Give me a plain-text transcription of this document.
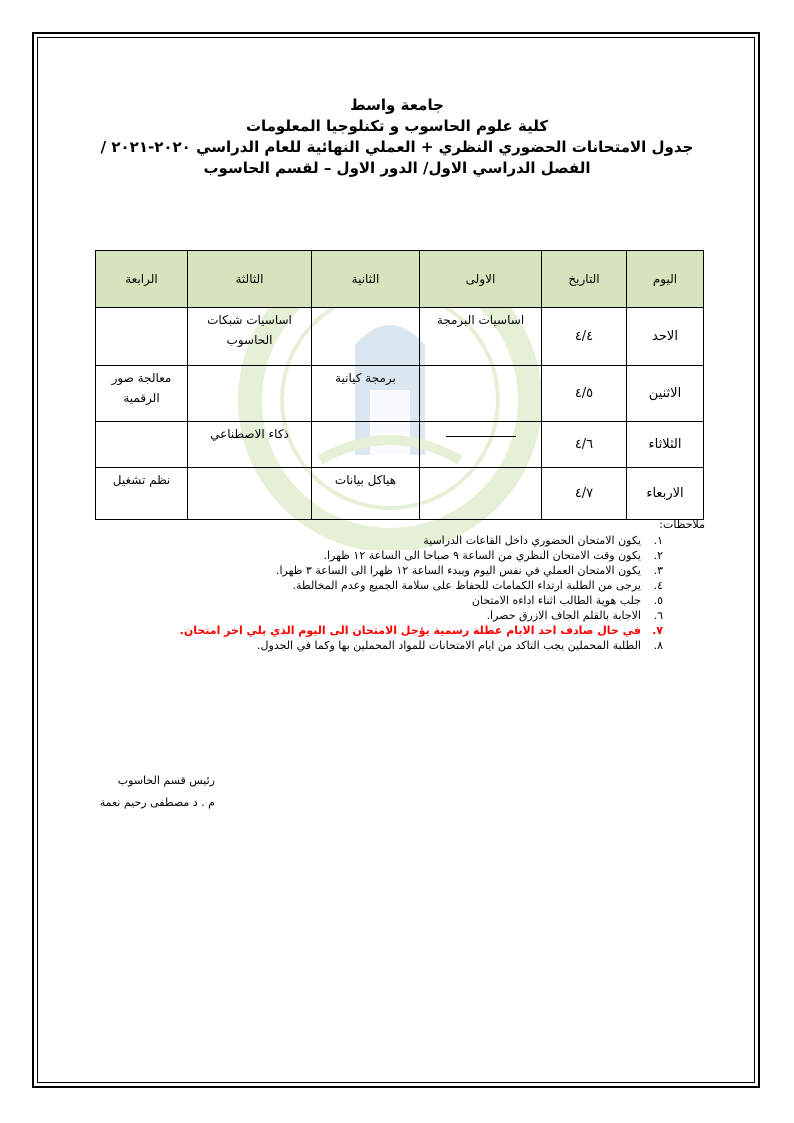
جامعة واسط
كلية علوم الحاسوب و تكنلوجيا المعلومات
جدول الامتحانات الحضوري النظري + العملي النهائية للعام الدراسي ٢٠٢٠-٢٠٢١ /
الفصل الدراسي الاول/ الدور الاول – لقسم الحاسوب
اليوم	التاريخ	الاولى	الثانية	الثالثة	الرابعة
الاحد	٤/٤	اساسيات البرمجة		اساسيات شبكات الحاسوب	
الاثنين	٤/٥		برمجة كيانية		معالجة صور الرقمية
الثلاثاء	٤/٦			ذكاء الاصطناعي	
الاربعاء	٤/٧		هياكل بيانات		نظم تشغيل
ملاحظات:
١.يكون الامتحان الحضوري داخل القاعات الدراسية
٢.يكون وقت الامتحان النظري من الساعة ٩ صباحا الى الساعة ١٢ ظهرا.
٣.يكون الامتحان العملي في نفس اليوم ويبدء الساعة ١٢ ظهرا الى الساعة ٣ ظهرا.
٤.يرجى من الطلبة ارتداء الكمامات للحفاظ على سلامة الجميع وعدم المخالطة.
٥.جلب هوية الطالب اثناء اداءه الامتحان
٦.الاجابة بالقلم الجاف الازرق حصرا.
٧.في حال صادف احد الايام عطلة رسمية يؤجل الامتحان الى اليوم الذي يلي اخر امتحان.
٨.الطلبة المحملين يجب التاكد من ايام الامتحانات للمواد المحملين بها وكما في الجدول.
رئيس قسم الحاسوب
م . د مصطفى رحيم نعمة
